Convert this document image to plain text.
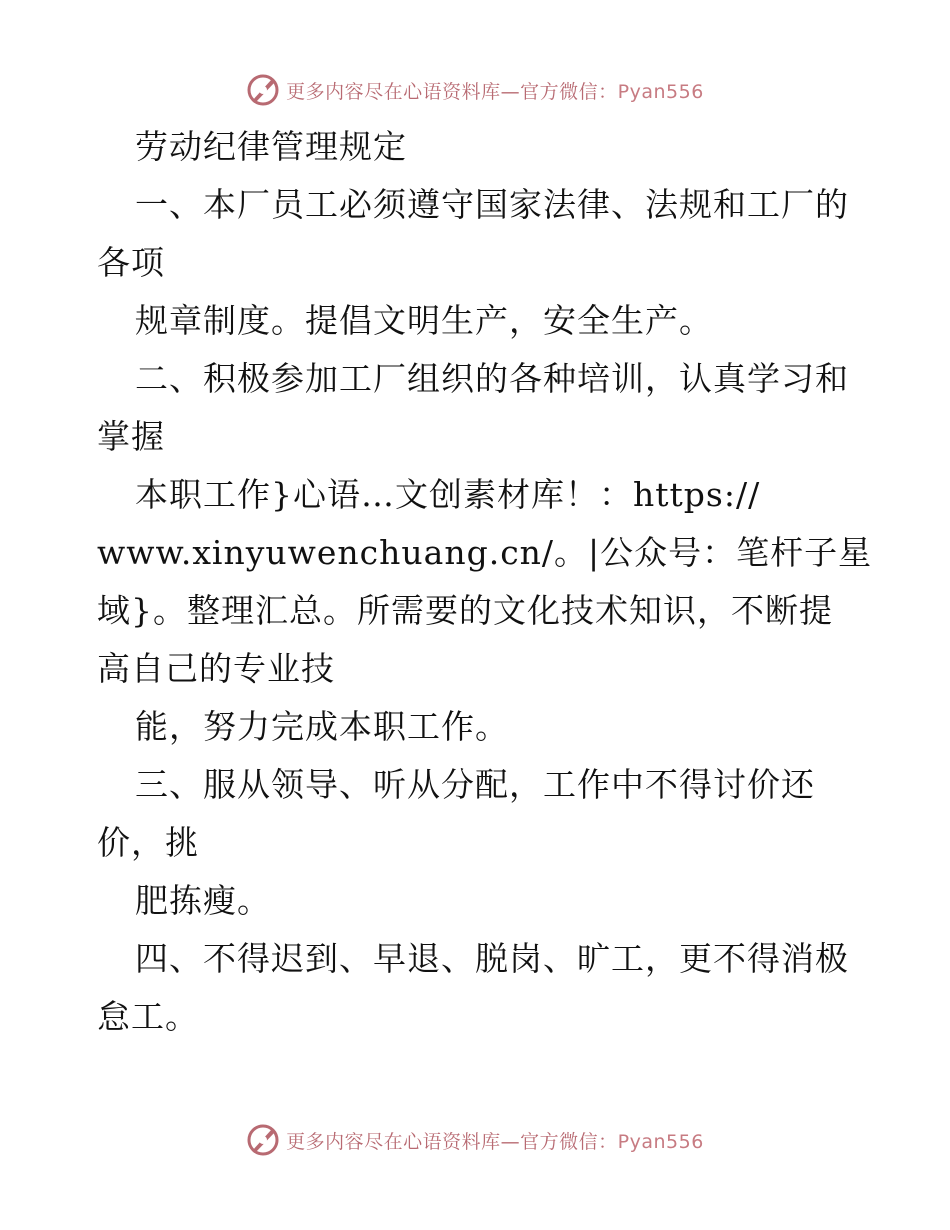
更多内容尽在心语资料库—官方微信：Pyan556
劳动纪律管理规定
一、本厂员工必须遵守国家法律、法规和工厂的
各项
规章制度。提倡文明生产，安全生产。
二、积极参加工厂组织的各种培训，认真学习和
掌握
本职工作}心语…文创素材库！：https://
www.xinyuwenchuang.cn/。|公众号：笔杆子星
域}。整理汇总。所需要的文化技术知识，不断提
高自己的专业技
能，努力完成本职工作。
三、服从领导、听从分配，工作中不得讨价还
价，挑
肥拣瘦。
四、不得迟到、早退、脱岗、旷工，更不得消极
怠工。
更多内容尽在心语资料库—官方微信：Pyan556
